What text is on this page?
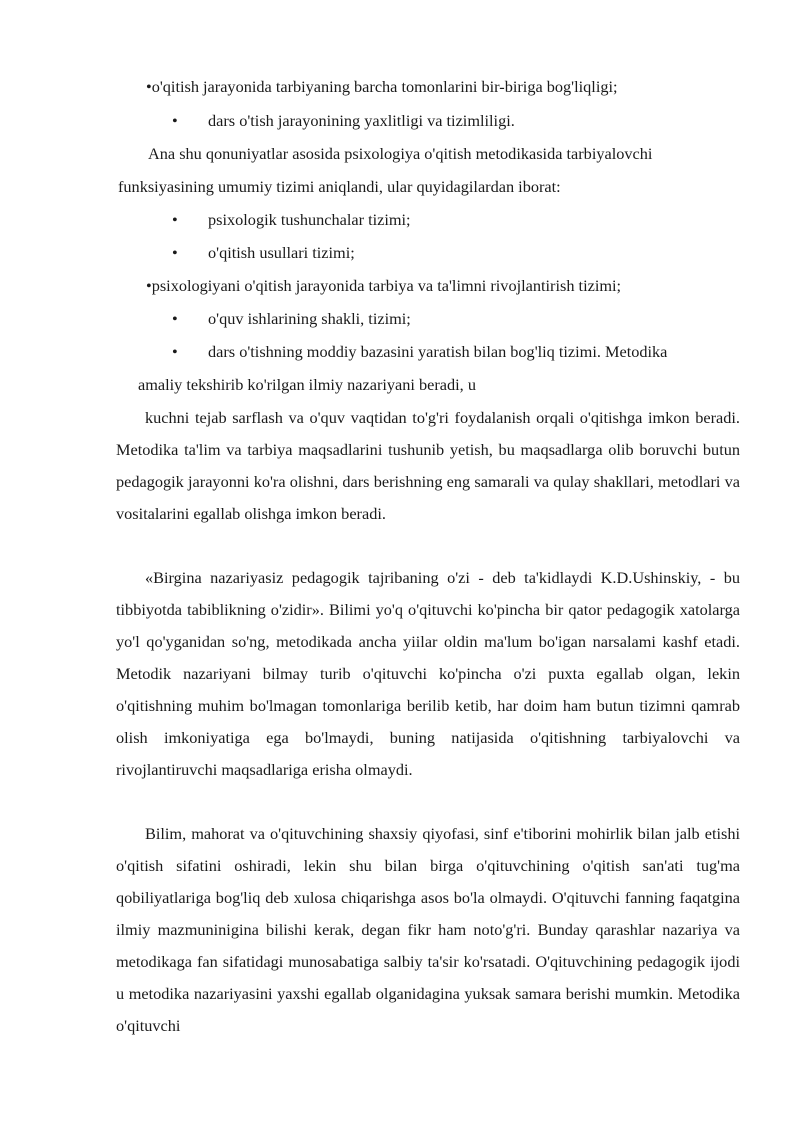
•o'qitish jarayonida tarbiyaning barcha tomonlarini bir-biriga bog'liqligi;

• dars o'tish jarayonining yaxlitligi va tizimliligi.

Ana shu qonuniyatlar asosida psixologiya o'qitish metodikasida tarbiyalovchi

funksiyasining umumiy tizimi aniqlandi, ular quyidagilardan iborat:

• psixologik tushunchalar tizimi;

• o'qitish usullari tizimi;

•psixologiyani o'qitish jarayonida tarbiya va ta'limni rivojlantirish tizimi;

• o'quv ishlarining shakli, tizimi;

• dars o'tishning moddiy bazasini yaratish bilan bog'liq tizimi. Metodika

amaliy tekshirib ko'rilgan ilmiy nazariyani beradi, u

kuchni tejab sarflash va o'quv vaqtidan to'g'ri foydalanish orqali o'qitishga imkon beradi. Metodika ta'lim va tarbiya maqsadlarini tushunib yetish, bu maqsadlarga olib boruvchi butun pedagogik jarayonni ko'ra olishni, dars berishning eng samarali va qulay shakllari, metodlari va vositalarini egallab olishga imkon beradi.

«Birgina nazariyasiz pedagogik tajribaning o'zi - deb ta'kidlaydi K.D.Ushinskiy, - bu tibbiyotda tabiblikning o'zidir». Bilimi yo'q o'qituvchi ko'pincha bir qator pedagogik xatolarga yo'l qo'yganidan so'ng, metodikada ancha yiilar oldin ma'lum bo'igan narsalami kashf etadi. Metodik nazariyani bilmay turib o'qituvchi ko'pincha o'zi puxta egallab olgan, lekin o'qitishning muhim bo'lmagan tomonlariga berilib ketib, har doim ham butun tizimni qamrab olish imkoniyatiga ega bo'lmaydi, buning natijasida o'qitishning tarbiyalovchi va rivojlantiruvchi maqsadlariga erisha olmaydi.

Bilim, mahorat va o'qituvchining shaxsiy qiyofasi, sinf e'tiborini mohirlik bilan jalb etishi o'qitish sifatini oshiradi, lekin shu bilan birga o'qituvchining o'qitish san'ati tug'ma qobiliyatlariga bog'liq deb xulosa chiqarishga asos bo'la olmaydi. O'qituvchi fanning faqatgina ilmiy mazmuninigina bilishi kerak, degan fikr ham noto'g'ri. Bunday qarashlar nazariya va metodikaga fan sifatidagi munosabatiga salbiy ta'sir ko'rsatadi. O'qituvchining pedagogik ijodi u metodika nazariyasini yaxshi egallab olganidagina yuksak samara berishi mumkin. Metodika o'qituvchi
